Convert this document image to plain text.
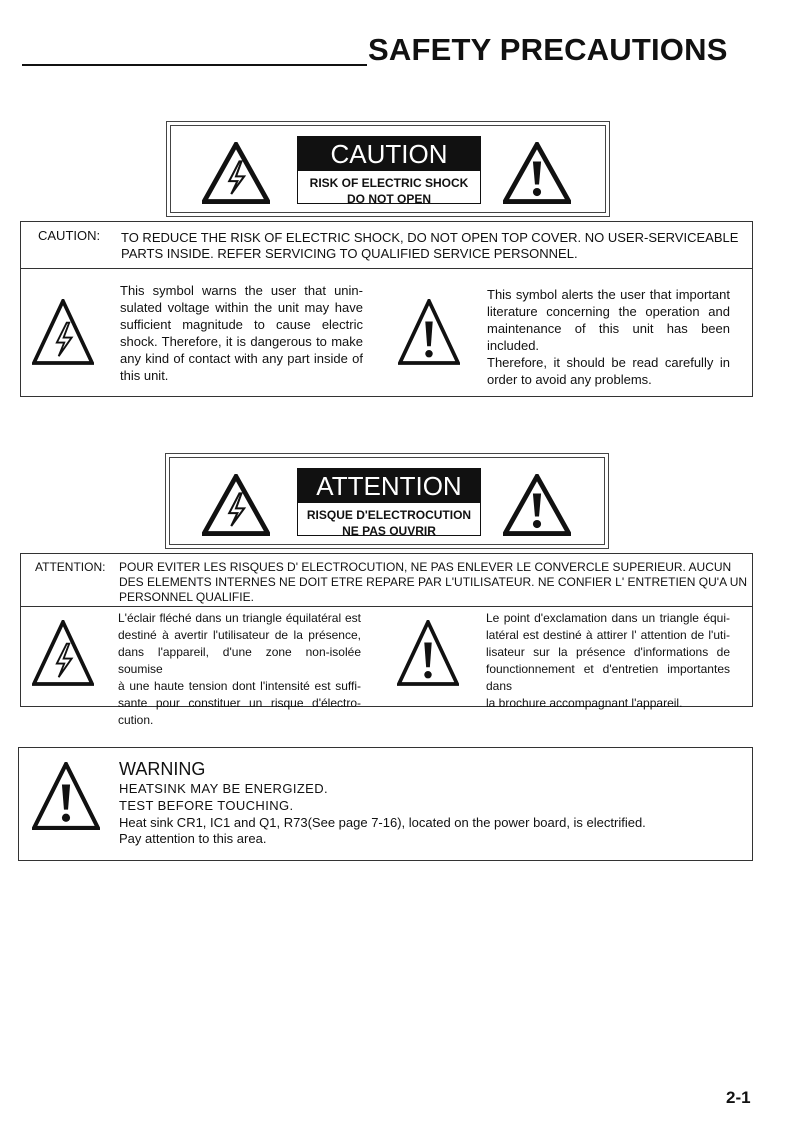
SAFETY PRECAUTIONS
CAUTION
RISK OF ELECTRIC SHOCK
DO NOT OPEN
CAUTION: TO REDUCE THE RISK OF ELECTRIC SHOCK, DO NOT OPEN TOP COVER. NO USER-SERVICEABLE
PARTS INSIDE. REFER SERVICING TO QUALIFIED SERVICE PERSONNEL.
This symbol warns the user that unin-
sulated voltage within the unit may have
sufficient magnitude to cause electric
shock. Therefore, it is dangerous to make
any kind of contact with any part inside of
this unit.
This symbol alerts the user that important
literature concerning the operation and
maintenance of this unit has been
included.
Therefore, it should be read carefully in
order to avoid any problems.
ATTENTION
RISQUE D'ELECTROCUTION
NE PAS OUVRIR
ATTENTION: POUR EVITER LES RISQUES D' ELECTROCUTION, NE PAS ENLEVER LE CONVERCLE SUPERIEUR. AUCUN
DES ELEMENTS INTERNES NE DOIT ETRE REPARE PAR L'UTILISATEUR. NE CONFIER L' ENTRETIEN QU'A UN
PERSONNEL QUALIFIE.
L'éclair fléché dans un triangle équilatéral est
destiné à avertir l'utilisateur de la présence,
dans l'appareil, d'une zone non-isolée soumise
à une haute tension dont l'intensité est suffi-
sante pour constituer un risque d'électro-
cution.
Le point d'exclamation dans un triangle équi-
latéral est destiné à attirer l' attention de l'uti-
lisateur sur la présence d'informations de
founctionnement et d'entretien importantes dans
la brochure accompagnant l'appareil.
WARNING
HEATSINK MAY BE ENERGIZED.
TEST BEFORE TOUCHING.
Heat sink CR1, IC1 and Q1, R73(See page 7-16), located on the power board, is electrified.
Pay attention to this area.
2-1
